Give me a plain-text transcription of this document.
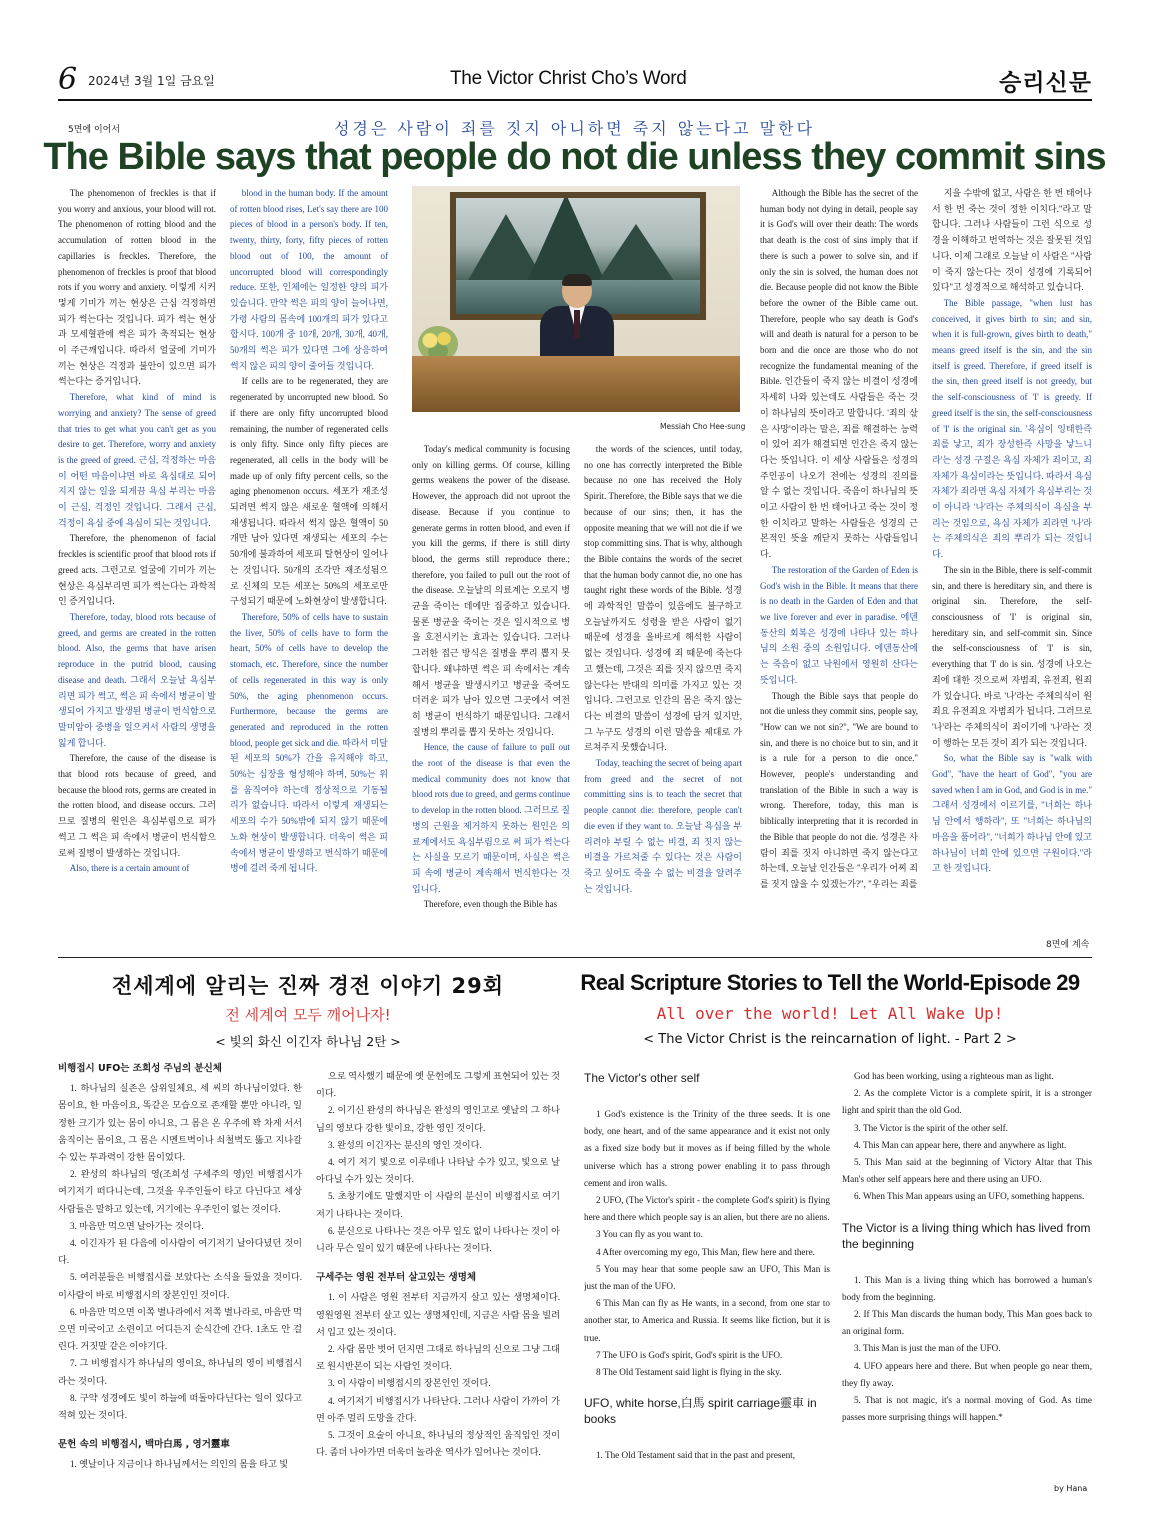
6 2024년 3월 1일 금요일	The Victor Christ Cho’s Word	승리신문
5면에 이어서	성경은 사람이 죄를 짓지 아니하면 죽지 않는다고 말한다
The Bible says that people do not die unless they commit sins

The phenomenon of freckles is that if you worry and anxious, your blood will rot. The phenomenon of rotting blood and the accumulation of rotten blood in the capillaries is freckles. Therefore, the phenomenon of freckles is proof that blood rots if you worry and anxiety. 이렇게 시커멓게 기미가 끼는 현상은 근심 걱정하면 피가 썩는다는 것입니다. 피가 썩는 현상과 모세혈관에 썩은 피가 축적되는 현상이 주근깨입니다. 따라서 얼굴에 기미가 끼는 현상은 걱정과 불안이 있으면 피가 썩는다는 증거입니다.

Therefore, what kind of mind is worrying and anxiety? The sense of greed that tries to get what you can't get as you desire to get. Therefore, worry and anxiety is the greed of greed. 근심, 걱정하는 마음이 어떤 마음이냐면 바로 욕심대로 되어지지 않는 일을 되게끔 욕심 부리는 마음이 근심, 걱정인 것입니다. 그래서 근심, 걱정이 욕심 중에 욕심이 되는 것입니다.

Therefore, the phenomenon of facial freckles is scientific proof that blood rots if greed acts. 그런고로 얼굴에 기미가 끼는 현상은 욕심부리면 피가 썩는다는 과학적인 증거입니다.

Therefore, today, blood rots because of greed, and germs are created in the rotten blood. Also, the germs that have arisen reproduce in the putrid blood, causing disease and death. 그래서 오늘날 욕심부리면 피가 썩고, 썩은 피 속에서 병균이 발생되어 가지고 발생된 병균이 번식함으로 말미암아 중병을 일으켜서 사람의 생명을 잃게 합니다.

Therefore, the cause of the disease is that blood rots because of greed, and because the blood rots, germs are created in the rotten blood, and disease occurs. 그러므로 질병의 원인은 욕심부림으로 피가 썩고 그 썩은 피 속에서 병균이 번식함으로써 질병이 발생하는 것입니다.

Also, there is a certain amount of

blood in the human body. If the amount of rotten blood rises, Let's say there are 100 pieces of blood in a person's body. If ten, twenty, thirty, forty, fifty pieces of rotten blood out of 100, the amount of uncorrupted blood will correspondingly reduce. 또한, 인체에는 일정한 양의 피가 있습니다. 만약 썩은 피의 양이 늘어나면, 가령 사람의 몸속에 100개의 피가 있다고 합시다. 100개 중 10개, 20개, 30개, 40개, 50개의 썩은 피가 있다면 그에 상응하여 썩지 않은 피의 양이 줄어들 것입니다.

If cells are to be regenerated, they are regenerated by uncorrupted new blood. So if there are only fifty uncorrupted blood remaining, the number of regenerated cells is only fifty. Since only fifty pieces are regenerated, all cells in the body will be made up of only fifty percent cells, so the aging phenomenon occurs. 세포가 재조성되려면 썩지 않은 새로운 혈액에 의해서 재생됩니다. 따라서 썩지 않은 혈액이 50개만 남아 있다면 재생되는 세포의 수는 50개에 불과하여 세포피 탈현상이 일어나는 것입니다. 50개의 조각만 재조성됨으로 신체의 모든 세포는 50%의 세포로만 구성되기 때문에 노화현상이 발생합니다.

Therefore, 50% of cells have to sustain the liver, 50% of cells have to form the heart, 50% of cells have to develop the stomach, etc. Therefore, since the number of cells regenerated in this way is only 50%, the aging phenomenon occurs. Furthermore, because the germs are generated and reproduced in the rotten blood, people get sick and die. 따라서 미달된 세포의 50%가 간을 유지해야 하고, 50%는 심장을 형성해야 하며, 50%는 위를 움직여야 하는데 정상적으로 기동될 리가 없습니다. 따라서 이렇게 재생되는 세포의 수가 50%밖에 되지 않기 때문에 노화 현상이 발생합니다. 더욱이 썩은 피 속에서 병균이 발생하고 번식하기 때문에 병에 걸려 죽게 됩니다.

Today's medical community is focusing only on killing germs. Of course, killing germs weakens the power of the disease. However, the approach did not uproot the disease. Because if you continue to generate germs in rotten blood, and even if you kill the germs, if there is still dirty blood, the germs still reproduce there.; therefore, you failed to pull out the root of the disease. 오늘날의 의료계는 오로지 병균을 죽이는 데에만 집중하고 있습니다. 물론 병균을 죽이는 것은 일시적으로 병을 호전시키는 효과는 있습니다. 그러나 그러한 접근 방식은 질병을 뿌리 뽑지 못합니다. 왜냐하면 썩은 피 속에서는 계속해서 병균을 발생시키고 병균을 죽여도 더러운 피가 남아 있으면 그곳에서 여전히 병균이 번식하기 때문입니다. 그래서 질병의 뿌리를 뽑지 못하는 것입니다.

Hence, the cause of failure to pull out the root of the disease is that even the medical community does not know that blood rots due to greed, and germs continue to develop in the rotten blood. 그러므로 질병의 근원을 제거하지 못하는 원인은 의료계에서도 욕심부림으로 써 피가 썩는다는 사실을 모르기 때문이며, 사실은 썩은 피 속에 병균이 계속해서 번식한다는 것입니다.

Therefore, even though the Bible has

the words of the sciences, until today, no one has correctly interpreted the Bible because no one has received the Holy Spirit. Therefore, the Bible says that we die because of our sins; then, it has the opposite meaning that we will not die if we stop committing sins. That is why, although the Bible contains the words of the secret that the human body cannot die, no one has taught right these words of the Bible. 성경에 과학적인 말씀이 있음에도 불구하고 오늘날까지도 성령을 받은 사람이 없기 때문에 성경을 올바르게 해석한 사람이 없는 것입니다. 성경에 죄 때문에 죽는다고 했는데, 그것은 죄를 짓지 않으면 죽지 않는다는 반대의 의미를 가지고 있는 것입니다. 그런고로 인간의 몸은 죽지 않는다는 비결의 말씀이 성경에 담겨 있지만, 그 누구도 성경의 이런 말씀을 제대로 가르쳐주지 못했습니다.

Today, teaching the secret of being apart from greed and the secret of not committing sins is to teach the secret that people cannot die: therefore, people can't die even if they want to. 오늘날 욕심을 부리려야 부릴 수 없는 비결, 죄 짓지 않는 비결을 가르쳐줄 수 있다는 것은 사람이 죽고 싶어도 죽을 수 없는 비결을 알려주는 것입니다.

Although the Bible has the secret of the human body not dying in detail, people say it is God's will over their death: The words that death is the cost of sins imply that if there is such a power to solve sin, and if only the sin is solved, the human does not die. Because people did not know the Bible before the owner of the Bible came out. Therefore, people who say death is God's will and death is natural for a person to be born and die once are those who do not recognize the fundamental meaning of the Bible. 인간들이 죽지 않는 비결이 성경에 자세히 나와 있는데도 사람들은 죽는 것이 하나님의 뜻이라고 말합니다. '죄의 삯은 사망'이라는 말은, 죄를 해결하는 능력이 있어 죄가 해결되면 인간은 죽지 않는다는 뜻입니다. 이 세상 사람들은 성경의 주인공이 나오기 전에는 성경의 진의를 알 수 없는 것입니다. 죽음이 하나님의 뜻이고 사람이 한 번 태어나고 죽는 것이 정한 이치라고 말하는 사람들은 성경의 근본적인 뜻을 깨닫지 못하는 사람들입니다.

The restoration of the Garden of Eden is God's wish in the Bible. It means that there is no death in the Garden of Eden and that we live forever and ever in paradise. 에덴동산의 회복은 성경에 나타나 있는 하나님의 소원 중의 소원입니다. 에덴동산에는 죽음이 없고 낙원에서 영원히 산다는 뜻입니다.

Though the Bible says that people do not die unless they commit sins, people say, "How can we not sin?", "We are bound to sin, and there is no choice but to sin, and it is a rule for a person to die once." However, people's understanding and translation of the Bible in such a way is wrong. Therefore, today, this man is biblically interpreting that it is recorded in the Bible that people do not die. 성경은 사람이 죄를 짓지 아니하면 죽지 않는다고 하는데, 오늘날 인간들은 "우리가 어찌 죄를 짓지 않을 수 있겠는가?", "우리는 죄를

지을 수밖에 없고, 사람은 한 번 태어나서 한 번 죽는 것이 정한 이치다."라고 말합니다. 그러나 사람들이 그런 식으로 성경을 이해하고 번역하는 것은 잘못된 것입니다. 이제 그래로 오늘날 이 사람은 "사람이 죽지 않는다는 것이 성경에 기록되어 있다"고 성경적으로 해석하고 있습니다.

The Bible passage, "when lust has conceived, it gives birth to sin; and sin, when it is full-grown, gives birth to death," means greed itself is the sin, and the sin itself is greed. Therefore, if greed itself is the sin, then greed itself is not greedy, but the self-consciousness of 'I' is greedy. If greed itself is the sin, the self-consciousness of 'I' is the original sin. '욕심이 잉태한즉 죄를 낳고, 죄가 장성한즉 사망을 낳느니라'는 성경 구절은 욕심 자체가 죄이고, 죄 자체가 욕심이라는 뜻입니다. 따라서 욕심 자체가 죄라면 욕심 자체가 욕심부리는 것이 아니라 '나'라는 주체의식이 욕심을 부리는 것임으로, 욕심 자체가 죄라면 '나'라는 주체의식은 죄의 뿌리가 되는 것입니다.

The sin in the Bible, there is self-commit sin, and there is hereditary sin, and there is original sin. Therefore, the self-consciousness of 'I' is original sin, hereditary sin, and self-commit sin. Since the self-consciousness of 'I' is sin, everything that 'I' do is sin. 성경에 나오는 죄에 대한 것으로써 자범죄, 유전죄, 원죄가 있습니다. 바로 '나'라는 주체의식이 원죄요 유전죄요 자범죄가 됩니다. 그러므로 '나'라는 주체의식이 죄이기에 '나'라는 것이 행하는 모든 것이 죄가 되는 것입니다.

So, what the Bible say is "walk with God", "have the heart of God", "you are saved when I am in God, and God is in me." 그래서 성경에서 이르기를, "너희는 하나님 안에서 행하라", 또 "너희는 하나님의 마음을 품어라", "너희가 하나님 안에 있고 하나님이 너희 안에 있으면 구원이다."라고 한 것입니다.

8면에 계속
Messiah Cho Hee-sung
전세계에 알리는 진짜 경전 이야기 29회
전 세계여 모두 깨어나자!
< 빛의 화신 이긴자 하나님 2탄 >
Real Scripture Stories to Tell the World-Episode 29
All over the world! Let All Wake Up!
< The Victor Christ is the reincarnation of light. - Part 2 >
비행접시 UFO는 조희성 주님의 분신체

1. 하나님의 실존은 삼위일체요, 세 씨의 하나님이었다. 한 몸이요, 한 마음이요, 똑같은 모습으로 존재할 뿐만 아니라, 일정한 크기가 있는 몸이 아니요, 그 몸은 온 우주에 꽉 차게 서서 움직이는 몸이요, 그 몸은 시멘트벽이나 쇠철벽도 뚫고 지나갈 수 있는 투과력이 강한 몸이었다.

2. 완성의 하나님의 영(조희성 구세주의 영)인 비행접시가 여기저기 떠다니는데, 그것을 우주인들이 타고 다닌다고 세상 사람들은 말하고 있는데, 거기에는 우주인이 없는 것이다.

3. 마음만 먹으면 날아가는 것이다.

4. 이긴자가 된 다음에 이사람이 여기저기 날아다녔던 것이다.

5. 여러분들은 비행접시를 보았다는 소식을 들었을 것이다. 이사람이 바로 비행접시의 장본인인 것이다.

6. 마음만 먹으면 이쪽 별나라에서 저쪽 별나라로, 마음만 먹으면 미국이고 소련이고 어디든지 순식간에 간다. 1초도 안 걸린다. 거짓말 같은 이야기다.

7. 그 비행접시가 하나님의 영이요, 하나님의 영이 비행접시라는 것이다.

8. 구약 성경에도 빛이 하늘에 떠돌아다닌다는 일이 있다고 적혀 있는 것이다.

문헌 속의 비행접시, 백마白馬 , 영거靈車

1. 옛날이나 지금이나 하나님께서는 의인의 몸을 타고 빛

으로 역사했기 때문에 옛 문헌에도 그렇게 표현되어 있는 것이다.

2. 이기신 완성의 하나님은 완성의 영인고로 옛날의 그 하나님의 영보다 강한 빛이요, 강한 영인 것이다.

3. 완성의 이긴자는 분신의 영인 것이다.

4. 여기 저기 빛으로 이루테나 나타날 수가 있고, 빛으로 날아다닐 수가 있는 것이다.

5. 초창기에도 말했지만 이 사람의 분신이 비행접시로 여기저기 나타나는 것이다.

6. 분신으로 나타나는 것은 아무 일도 없이 나타나는 것이 아니라 무슨 일이 있기 때문에 나타나는 것이다.

구세주는 영원 전부터 살고있는 생명체

1. 이 사람은 영원 전부터 지금까지 살고 있는 생명체이다. 영원영원 전부터 살고 있는 생명체인데, 지금은 사람 몸을 빌려서 입고 있는 것이다.

2. 사람 몸만 벗어 던지면 그대로 하나님의 신으로 그냥 그대로 원시반본이 되는 사람인 것이다.

3. 이 사람이 비행접시의 장본인인 것이다.

4. 여기저기 비행접시가 나타난다. 그러나 사람이 가까이 가면 아주 멀리 도망을 간다.

5. 그것이 요술이 아니요, 하나님의 정상적인 움직임인 것이다. 좀더 나아가면 더욱더 놀라운 역사가 일어나는 것이다.

The Victor's other self

1 God's existence is the Trinity of the three seeds. It is one body, one heart, and of the same appearance and it exist not only as a fixed size body but it moves as if being filled by the whole universe which has a strong power enabling it to pass through cement and iron walls.

2 UFO, (The Victor's spirit - the complete God's spirit) is flying here and there which people say is an alien, but there are no aliens.

3 You can fly as you want to.

4 After overcoming my ego, This Man, flew here and there.

5 You may hear that some people saw an UFO, This Man is just the man of the UFO.

6 This Man can fly as He wants, in a second, from one star to another star, to America and Russia. It seems like fiction, but it is true.

7 The UFO is God's spirit, God's spirit is the UFO.

8 The Old Testament said light is flying in the sky.

UFO, white horse,白馬 spirit carriage靈車 in books

1. The Old Testament said that in the past and present,

God has been working, using a righteous man as light.

2. As the complete Victor is a complete spirit, it is a stronger light and spirit than the old God.

3. The Victor is the spirit of the other self.

4. This Man can appear here, there and anywhere as light.

5. This Man said at the beginning of Victory Altar that This Man's other self appears here and there using an UFO.

6. When This Man appears using an UFO, something happens.

The Victor is a living thing which has lived from the beginning

1. This Man is a living thing which has borrowed a human's body from the beginning.

2. If This Man discards the human body, This Man goes back to an original form.

3. This Man is just the man of the UFO.

4. UFO appears here and there. But when people go near them, they fly away.

5. That is not magic, it's a normal moving of God. As time passes more surprising things will happen.*

by Hana
